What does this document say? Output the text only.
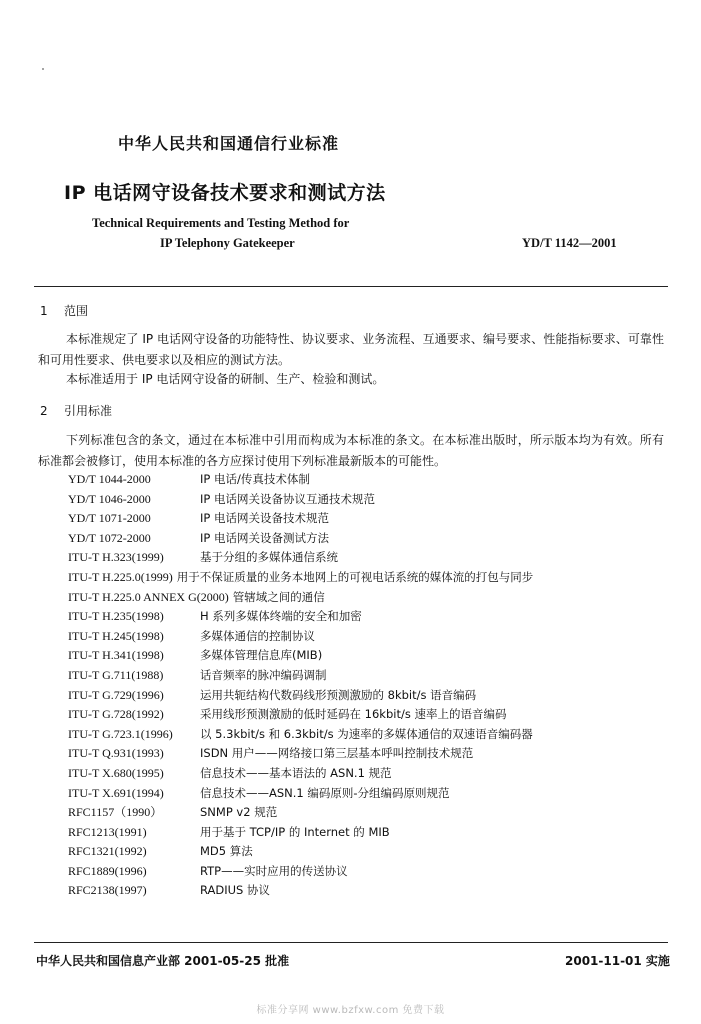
中华人民共和国通信行业标准
IP 电话网守设备技术要求和测试方法
Technical Requirements and Testing Method for
IP Telephony Gatekeeper	YD/T 1142—2001
1 范围
本标准规定了 IP 电话网守设备的功能特性、协议要求、业务流程、互通要求、编号要求、性能指标要求、可靠性和可用性要求、供电要求以及相应的测试方法。
本标准适用于 IP 电话网守设备的研制、生产、检验和测试。
2 引用标准
下列标准包含的条文，通过在本标准中引用而构成为本标准的条文。在本标准出版时，所示版本均为有效。所有标准都会被修订，使用本标准的各方应探讨使用下列标准最新版本的可能性。
YD/T 1044-2000	IP 电话/传真技术体制
YD/T 1046-2000	IP 电话网关设备协议互通技术规范
YD/T 1071-2000	IP 电话网关设备技术规范
YD/T 1072-2000	IP 电话网关设备测试方法
ITU-T H.323(1999)	基于分组的多媒体通信系统
ITU-T H.225.0(1999) 用于不保证质量的业务本地网上的可视电话系统的媒体流的打包与同步
ITU-T H.225.0 ANNEX G(2000) 管辖域之间的通信
ITU-T H.235(1998)	H 系列多媒体终端的安全和加密
ITU-T H.245(1998)	多媒体通信的控制协议
ITU-T H.341(1998)	多媒体管理信息库(MIB)
ITU-T G.711(1988)	话音频率的脉冲编码调制
ITU-T G.729(1996)	运用共轭结构代数码线形预测激励的 8kbit/s 语音编码
ITU-T G.728(1992)	采用线形预测激励的低时延码在 16kbit/s 速率上的语音编码
ITU-T G.723.1(1996)	以 5.3kbit/s 和 6.3kbit/s 为速率的多媒体通信的双速语音编码器
ITU-T Q.931(1993)	ISDN 用户——网络接口第三层基本呼叫控制技术规范
ITU-T X.680(1995)	信息技术——基本语法的 ASN.1 规范
ITU-T X.691(1994)	信息技术——ASN.1 编码原则-分组编码原则规范
RFC1157（1990）	SNMP v2 规范
RFC1213(1991)	用于基于 TCP/IP 的 Internet 的 MIB
RFC1321(1992)	MD5 算法
RFC1889(1996)	RTP——实时应用的传送协议
RFC2138(1997)	RADIUS 协议
中华人民共和国信息产业部 2001-05-25 批准	2001-11-01 实施
标准分享网 www.bzfxw.com 免费下载
